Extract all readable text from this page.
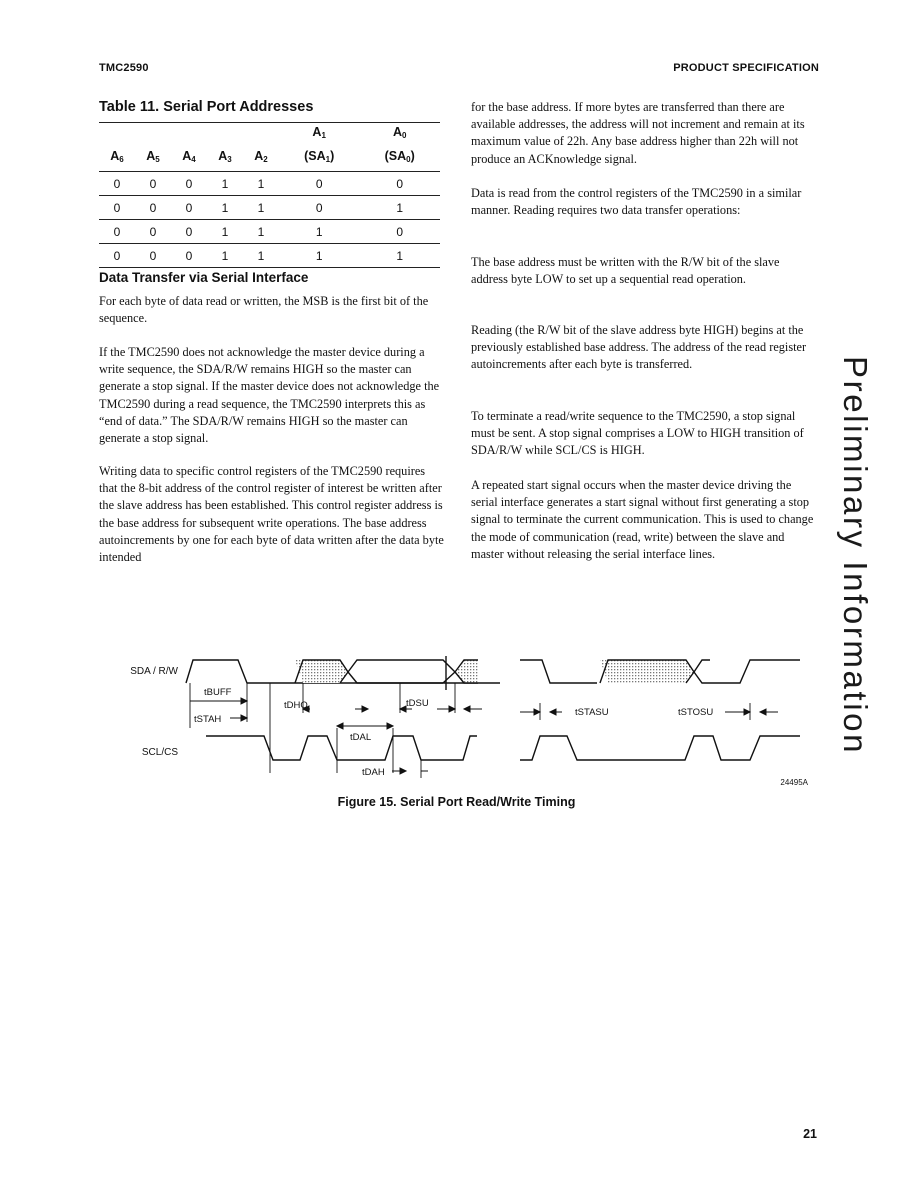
TMC2590	PRODUCT SPECIFICATION
Table 11. Serial Port Addresses
					$A_1$	$A_0$
$A_6$	$A_5$	$A_4$	$A_3$	$A_2$	$(SA_1)$	$(SA_0)$
0	0	0	1	1	0	0
0	0	0	1	1	0	1
0	0	0	1	1	1	0
0	0	0	1	1	1	1
Data Transfer via Serial Interface

For each byte of data read or written, the MSB is the first bit of the sequence.

If the TMC2590 does not acknowledge the master device during a write sequence, the SDA/R/W remains HIGH so the master can generate a stop signal. If the master device does not acknowledge the TMC2590 during a read sequence, the TMC2590 interprets this as “end of data.” The SDA/R/W remains HIGH so the master can generate a stop signal.

Writing data to specific control registers of the TMC2590 requires that the 8-bit address of the control register of interest be written after the slave address has been established. This control register address is the base address for subsequent write operations. The base address autoincrements by one for each byte of data written after the data byte intended

for the base address. If more bytes are transferred than there are available addresses, the address will not increment and remain at its maximum value of 22h. Any base address higher than 22h will not produce an ACKnowledge signal.

Data is read from the control registers of the TMC2590 in a similar manner. Reading requires two data transfer operations:

The base address must be written with the R/W bit of the slave address byte LOW to set up a sequential read operation.

Reading (the R/W bit of the slave address byte HIGH) begins at the previously established base address. The address of the read register autoincrements after each byte is transferred.

To terminate a read/write sequence to the TMC2590, a stop signal must be sent. A stop signal comprises a LOW to HIGH transition of SDA/R/W while SCL/CS is HIGH.

A repeated start signal occurs when the master device driving the serial interface generates a start signal without first generating a stop signal to terminate the current communication. This is used to change the mode of communication (read, write) between the slave and master without releasing the serial interface lines.	Preliminary Information
SDA / R/W
SCL/CS
tBUFF
tSTAH
tDHO	tDSU
tDAL
tDAH
tSTASU	tSTOSU
24495A
Figure 15. Serial Port Read/Write Timing
21
